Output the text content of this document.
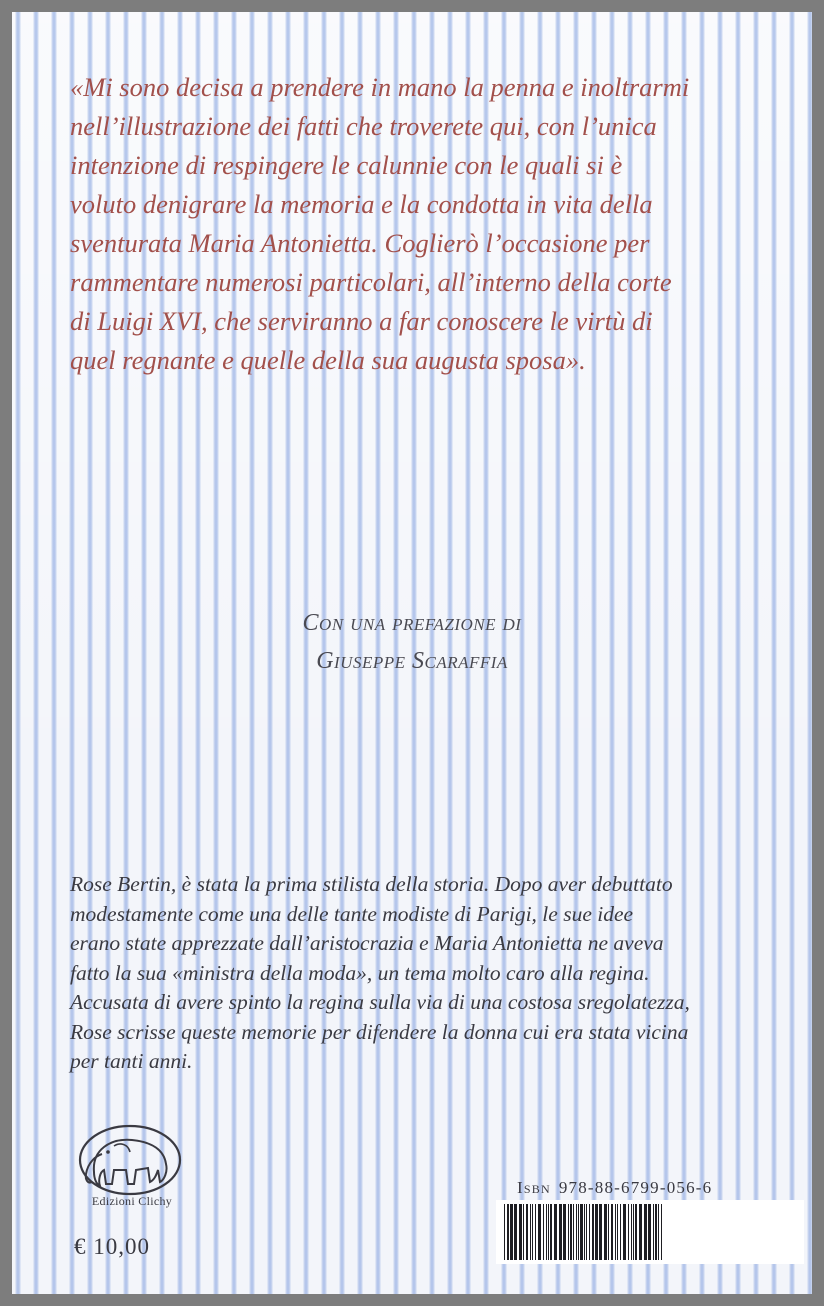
«Mi sono decisa a prendere in mano la penna e inoltrarmi
nell’illustrazione dei fatti che troverete qui, con l’unica
intenzione di respingere le calunnie con le quali si è
voluto denigrare la memoria e la condotta in vita della
sventurata Maria Antonietta. Coglierò l’occasione per
rammentare numerosi particolari, all’interno della corte
di Luigi XVI, che serviranno a far conoscere le virtù di
quel regnante e quelle della sua augusta sposa».

Con una prefazione di
Giuseppe Scaraffia

Rose Bertin, è stata la prima stilista della storia. Dopo aver debuttato
modestamente come una delle tante modiste di Parigi, le sue idee
erano state apprezzate dall’aristocrazia e Maria Antonietta ne aveva
fatto la sua «ministra della moda», un tema molto caro alla regina.
Accusata di avere spinto la regina sulla via di una costosa sregolatezza,
Rose scrisse queste memorie per difendere la donna cui era stata vicina
per tanti anni.

Edizioni Clichy
€ 10,00
Isbn 978-88-6799-056-6
